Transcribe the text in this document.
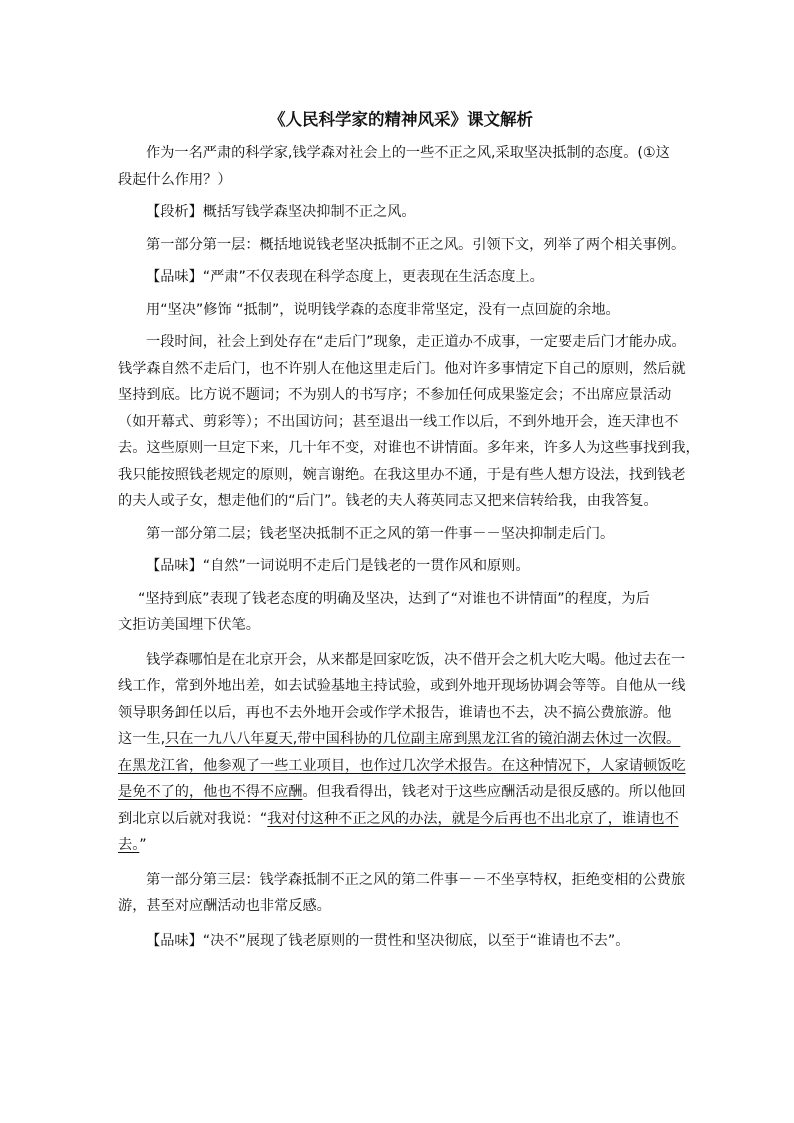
《人民科学家的精神风采》课文解析
作为一名严肃的科学家,钱学森对社会上的一些不正之风,采取坚决抵制的态度。(①这
段起什么作用？）
【段析】概括写钱学森坚决抑制不正之风。
第一部分第一层：概括地说钱老坚决抵制不正之风。引领下文，列举了两个相关事例。
【品味】“严肃”不仅表现在科学态度上，更表现在生活态度上。
用“坚决”修饰 “抵制”，说明钱学森的态度非常坚定，没有一点回旋的余地。
一段时间，社会上到处存在“走后门”现象，走正道办不成事，一定要走后门才能办成。
钱学森自然不走后门，也不许别人在他这里走后门。他对许多事情定下自己的原则，然后就
坚持到底。比方说不题词；不为别人的书写序；不参加任何成果鉴定会；不出席应景活动
（如开幕式、剪彩等）；不出国访问；甚至退出一线工作以后，不到外地开会，连天津也不
去。这些原则一旦定下来，几十年不变，对谁也不讲情面。多年来，许多人为这些事找到我，
我只能按照钱老规定的原则，婉言谢绝。在我这里办不通，于是有些人想方设法，找到钱老
的夫人或子女，想走他们的“后门”。钱老的夫人蒋英同志又把来信转给我，由我答复。
第一部分第二层；钱老坚决抵制不正之风的第一件事－－坚决抑制走后门。
【品味】“自然”一词说明不走后门是钱老的一贯作风和原则。
“坚持到底”表现了钱老态度的明确及坚决，达到了“对谁也不讲情面”的程度，为后
文拒访美国埋下伏笔。
钱学森哪怕是在北京开会，从来都是回家吃饭，决不借开会之机大吃大喝。他过去在一
线工作，常到外地出差，如去试验基地主持试验，或到外地开现场协调会等等。自他从一线
领导职务卸任以后，再也不去外地开会或作学术报告，谁请也不去，决不搞公费旅游。他
这一生,只在一九八八年夏天,带中国科协的几位副主席到黑龙江省的镜泊湖去休过一次假。
在黑龙江省，他参观了一些工业项目，也作过几次学术报告。在这种情况下，人家请顿饭吃
是免不了的，他也不得不应酬。但我看得出，钱老对于这些应酬活动是很反感的。所以他回
到北京以后就对我说：“我对付这种不正之风的办法，就是今后再也不出北京了，谁请也不
去。”
第一部分第三层：钱学森抵制不正之风的第二件事－－不坐享特权，拒绝变相的公费旅
游，甚至对应酬活动也非常反感。
【品味】“决不”展现了钱老原则的一贯性和坚决彻底，以至于“谁请也不去”。
